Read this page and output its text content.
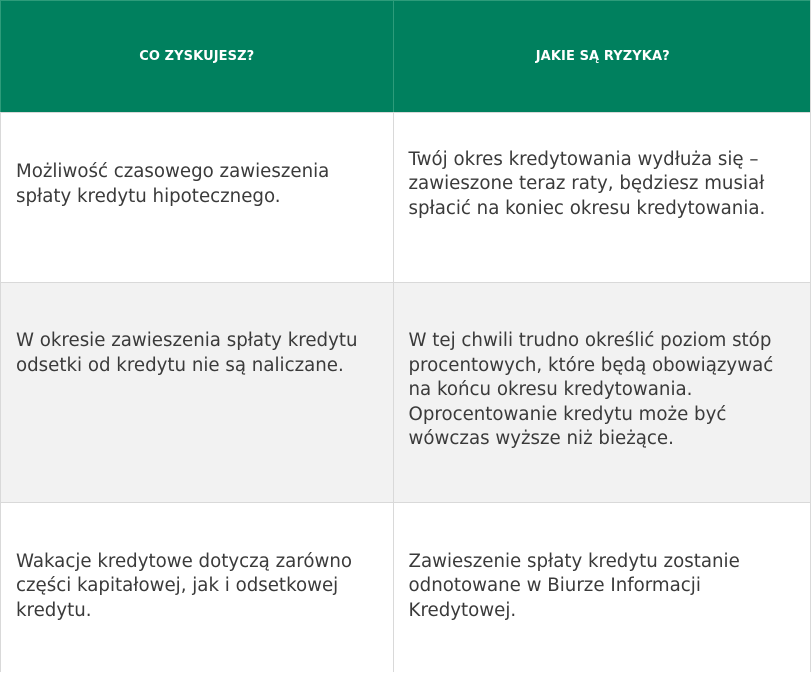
CO ZYSKUJESZ?	JAKIE SĄ RYZYKA?
Możliwość czasowego zawieszenia spłaty kredytu hipotecznego.
Twój okres kredytowania wydłuża się – zawieszone teraz raty, będziesz musiał spłacić na koniec okresu kredytowania.
W okresie zawieszenia spłaty kredytu odsetki od kredytu nie są naliczane.
W tej chwili trudno określić poziom stóp procentowych, które będą obowiązywać na końcu okresu kredytowania. Oprocentowanie kredytu może być wówczas wyższe niż bieżące.
Wakacje kredytowe dotyczą zarówno części kapitałowej, jak i odsetkowej kredytu.
Zawieszenie spłaty kredytu zostanie odnotowane w Biurze Informacji Kredytowej.
